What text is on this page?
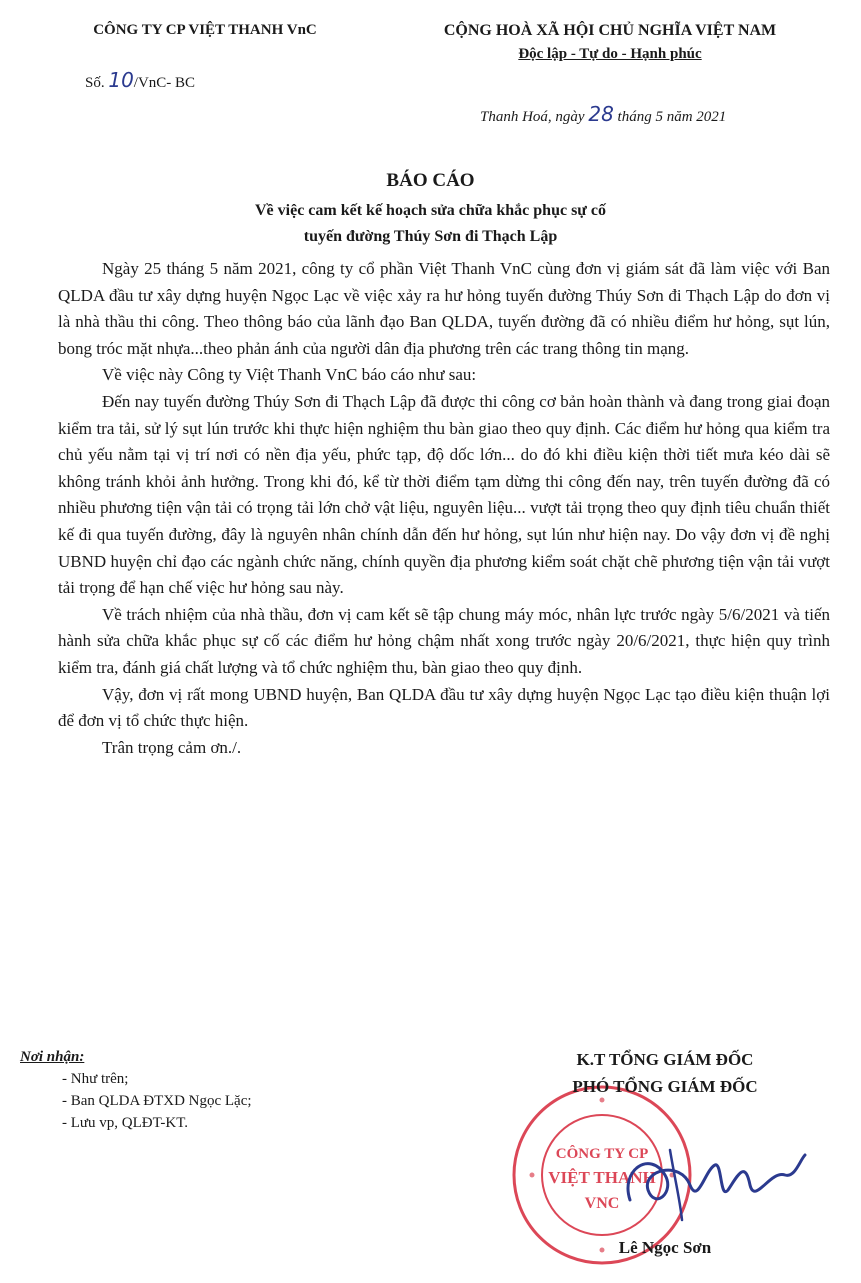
CÔNG TY CP VIỆT THANH VnC
Số. 10/VnC- BC
CỘNG HOÀ XÃ HỘI CHỦ NGHĨA VIỆT NAM
Độc lập - Tự do - Hạnh phúc
Thanh Hoá, ngày 28 tháng 5 năm 2021
BÁO CÁO
Về việc cam kết kế hoạch sửa chữa khắc phục sự cố
tuyến đường Thúy Sơn đi Thạch Lập

Ngày 25 tháng 5 năm 2021, công ty cổ phần Việt Thanh VnC cùng đơn vị giám sát đã làm việc với Ban QLDA đầu tư xây dựng huyện Ngọc Lạc về việc xảy ra hư hỏng tuyến đường Thúy Sơn đi Thạch Lập do đơn vị là nhà thầu thi công. Theo thông báo của lãnh đạo Ban QLDA, tuyến đường đã có nhiều điểm hư hỏng, sụt lún, bong tróc mặt nhựa...theo phản ánh của người dân địa phương trên các trang thông tin mạng.

Về việc này Công ty Việt Thanh VnC báo cáo như sau:

Đến nay tuyến đường Thúy Sơn đi Thạch Lập đã được thi công cơ bản hoàn thành và đang trong giai đoạn kiểm tra tải, sử lý sụt lún trước khi thực hiện nghiệm thu bàn giao theo quy định. Các điểm hư hỏng qua kiểm tra chủ yếu nằm tại vị trí nơi có nền địa yếu, phức tạp, độ dốc lớn... do đó khi điều kiện thời tiết mưa kéo dài sẽ không tránh khỏi ảnh hưởng. Trong khi đó, kể từ thời điểm tạm dừng thi công đến nay, trên tuyến đường đã có nhiều phương tiện vận tải có trọng tải lớn chở vật liệu, nguyên liệu... vượt tải trọng theo quy định tiêu chuẩn thiết kế đi qua tuyến đường, đây là nguyên nhân chính dẫn đến hư hỏng, sụt lún như hiện nay. Do vậy đơn vị đề nghị UBND huyện chỉ đạo các ngành chức năng, chính quyền địa phương kiểm soát chặt chẽ phương tiện vận tải vượt tải trọng để hạn chế việc hư hỏng sau này.

Về trách nhiệm của nhà thầu, đơn vị cam kết sẽ tập chung máy móc, nhân lực trước ngày 5/6/2021 và tiến hành sửa chữa khắc phục sự cố các điểm hư hỏng chậm nhất xong trước ngày 20/6/2021, thực hiện quy trình kiểm tra, đánh giá chất lượng và tổ chức nghiệm thu, bàn giao theo quy định.

Vậy, đơn vị rất mong UBND huyện, Ban QLDA đầu tư xây dựng huyện Ngọc Lạc tạo điều kiện thuận lợi để đơn vị tổ chức thực hiện.

Trân trọng cảm ơn./.

Nơi nhận:
- Như trên;
- Ban QLDA ĐTXD Ngọc Lặc;
- Lưu vp, QLĐT-KT.
CÔNG TY CP
VIỆT THANH
VNC
K.T TỔNG GIÁM ĐỐC
PHÓ TỔNG GIÁM ĐỐC
Lê Ngọc Sơn
